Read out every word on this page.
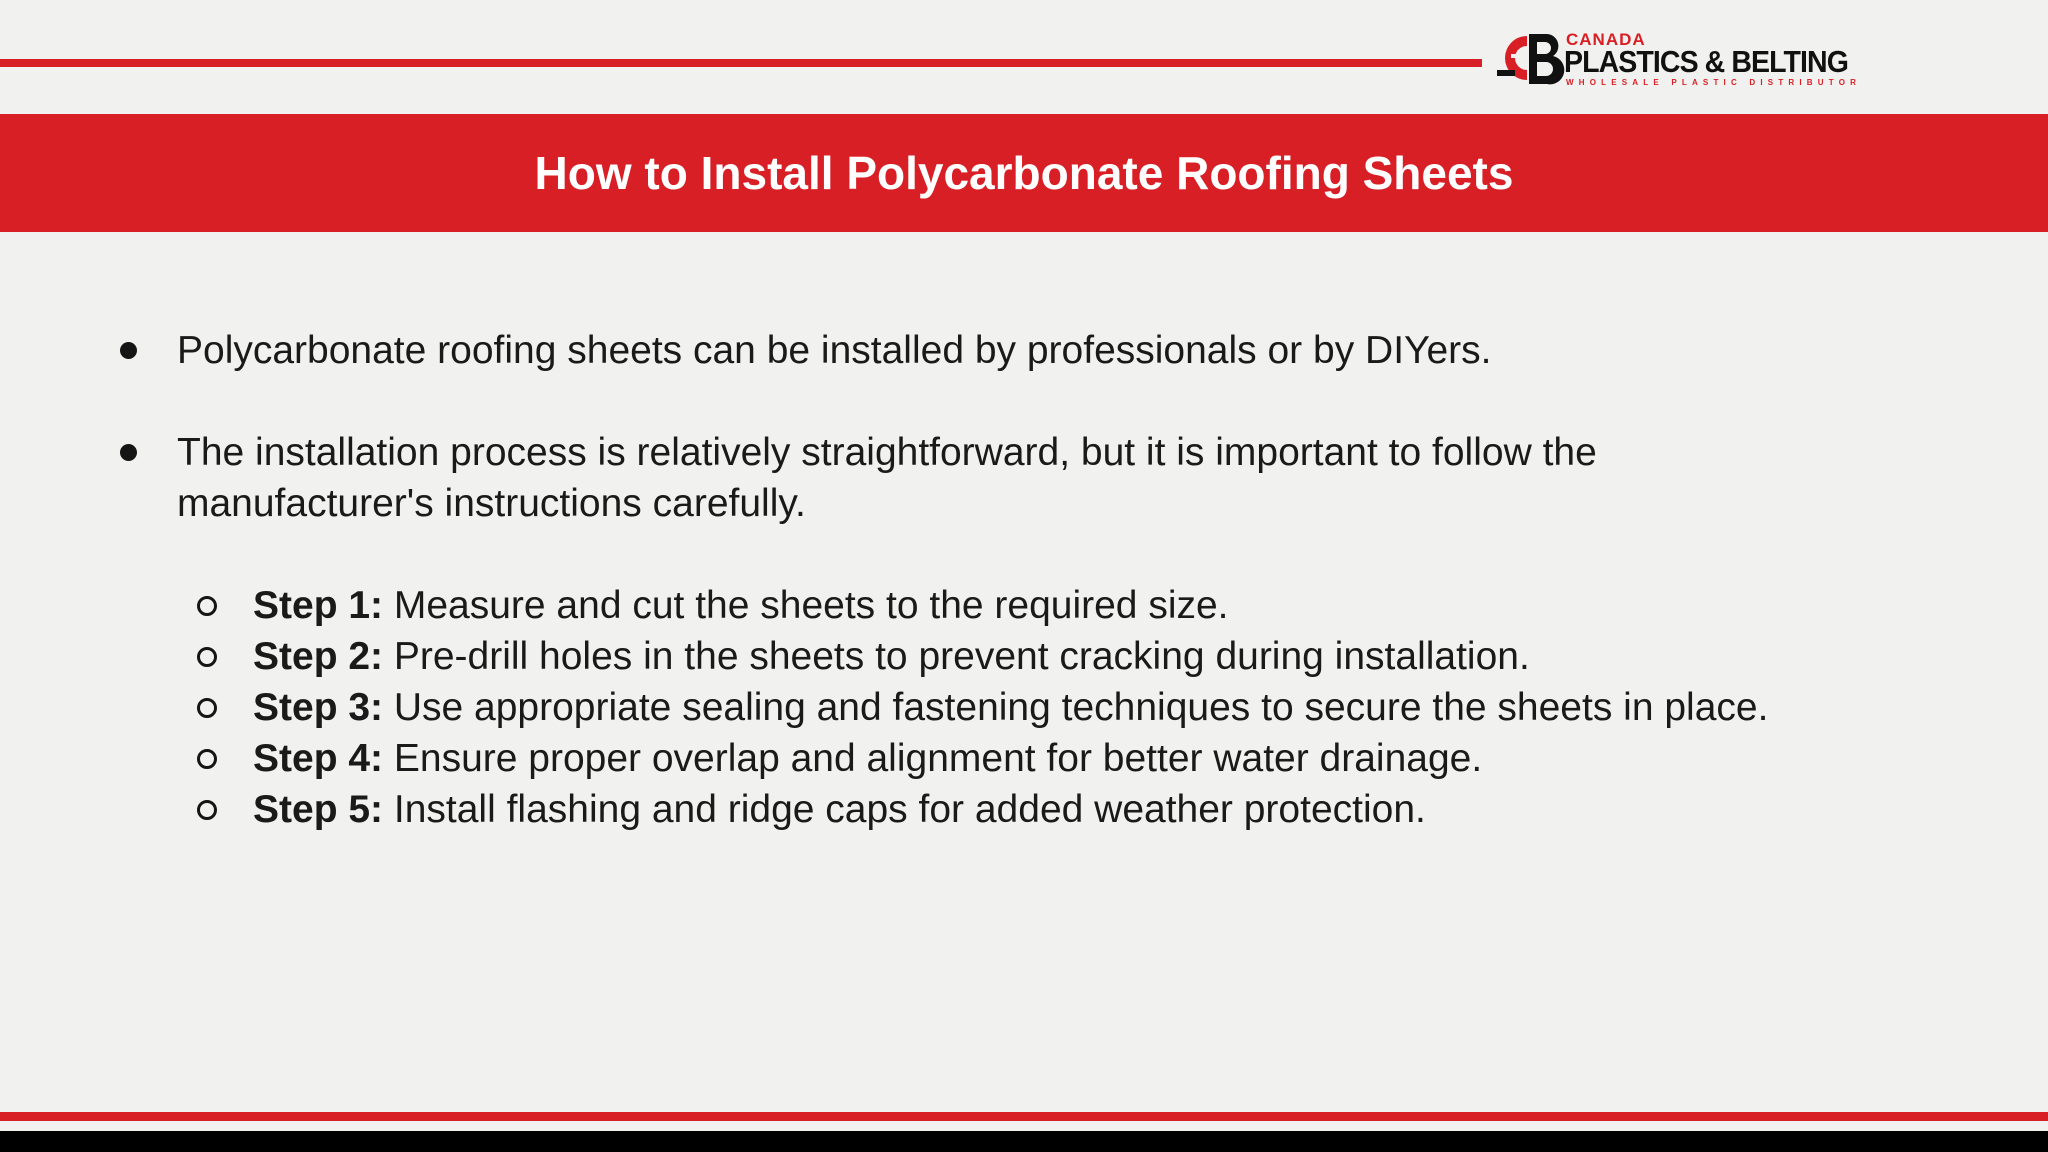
CANADA
PLASTICS & BELTING
WHOLESALE PLASTIC DISTRIBUTOR
How to Install Polycarbonate Roofing Sheets
Polycarbonate roofing sheets can be installed by professionals or by DIYers.
The installation process is relatively straightforward, but it is important to follow the manufacturer's instructions carefully.
Step 1: Measure and cut the sheets to the required size.
Step 2: Pre-drill holes in the sheets to prevent cracking during installation.
Step 3: Use appropriate sealing and fastening techniques to secure the sheets in place.
Step 4: Ensure proper overlap and alignment for better water drainage.
Step 5: Install flashing and ridge caps for added weather protection.
